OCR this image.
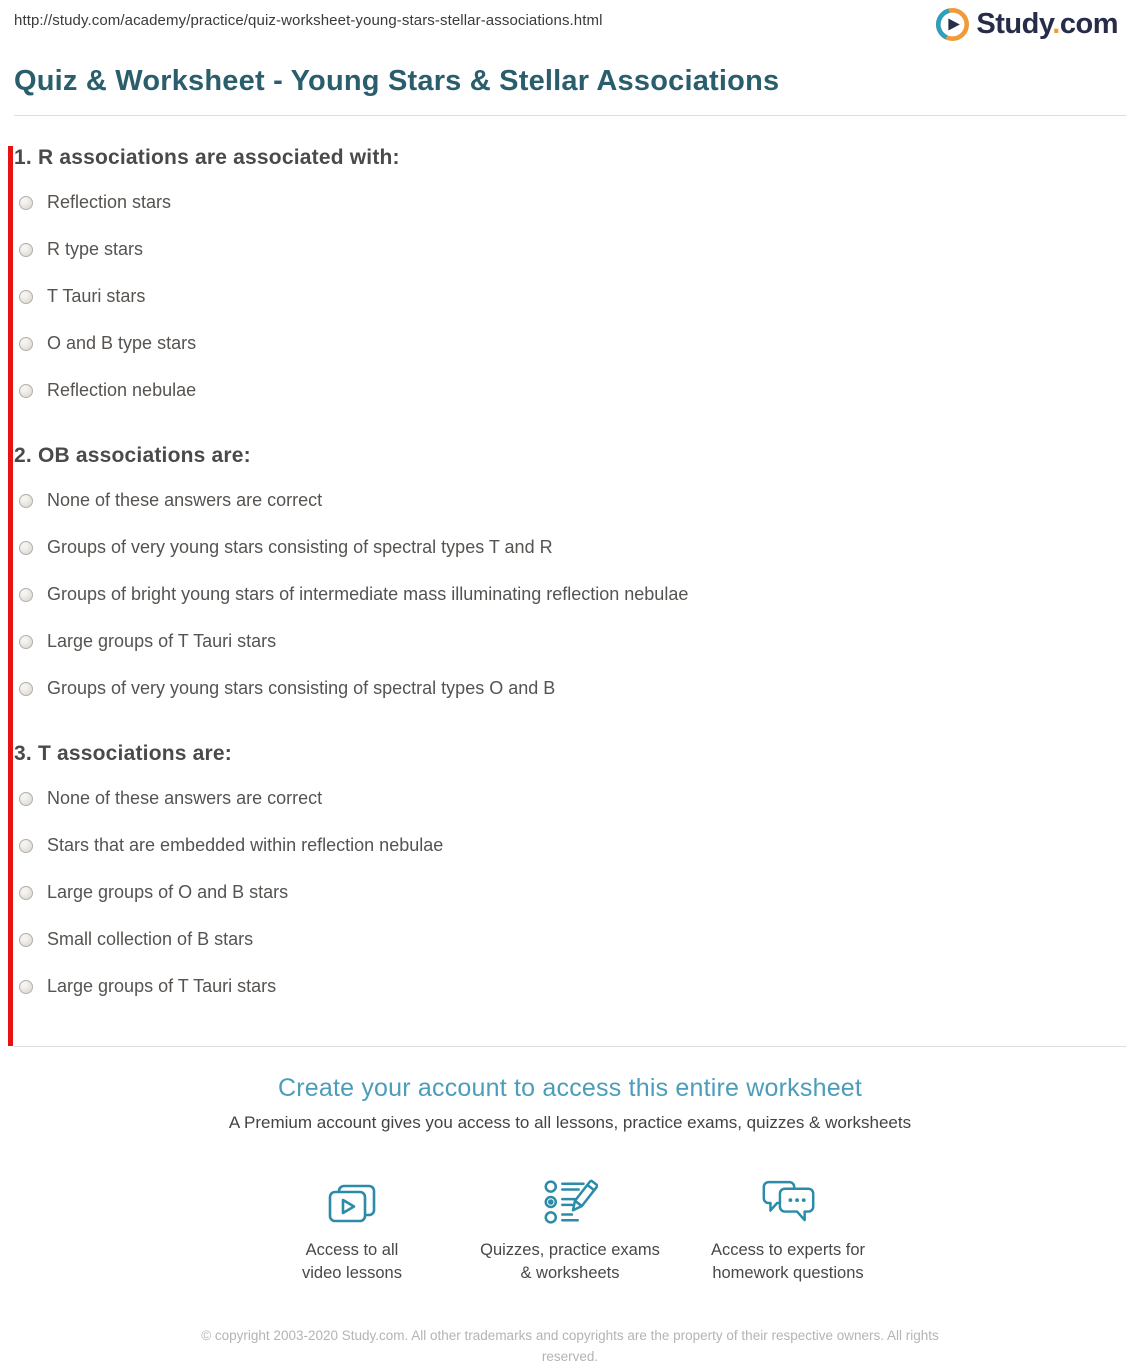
http://study.com/academy/practice/quiz-worksheet-young-stars-stellar-associations.html	Study.com
Quiz & Worksheet - Young Stars & Stellar Associations
1. R associations are associated with:
Reflection stars
R type stars
T Tauri stars
O and B type stars
Reflection nebulae
2. OB associations are:
None of these answers are correct
Groups of very young stars consisting of spectral types T and R
Groups of bright young stars of intermediate mass illuminating reflection nebulae
Large groups of T Tauri stars
Groups of very young stars consisting of spectral types O and B
3. T associations are:
None of these answers are correct
Stars that are embedded within reflection nebulae
Large groups of O and B stars
Small collection of B stars
Large groups of T Tauri stars
Create your account to access this entire worksheet
A Premium account gives you access to all lessons, practice exams, quizzes & worksheets
Access to all
video lessons
Quizzes, practice exams
& worksheets
Access to experts for
homework questions
© copyright 2003-2020 Study.com. All other trademarks and copyrights are the property of their respective owners. All rights reserved.
